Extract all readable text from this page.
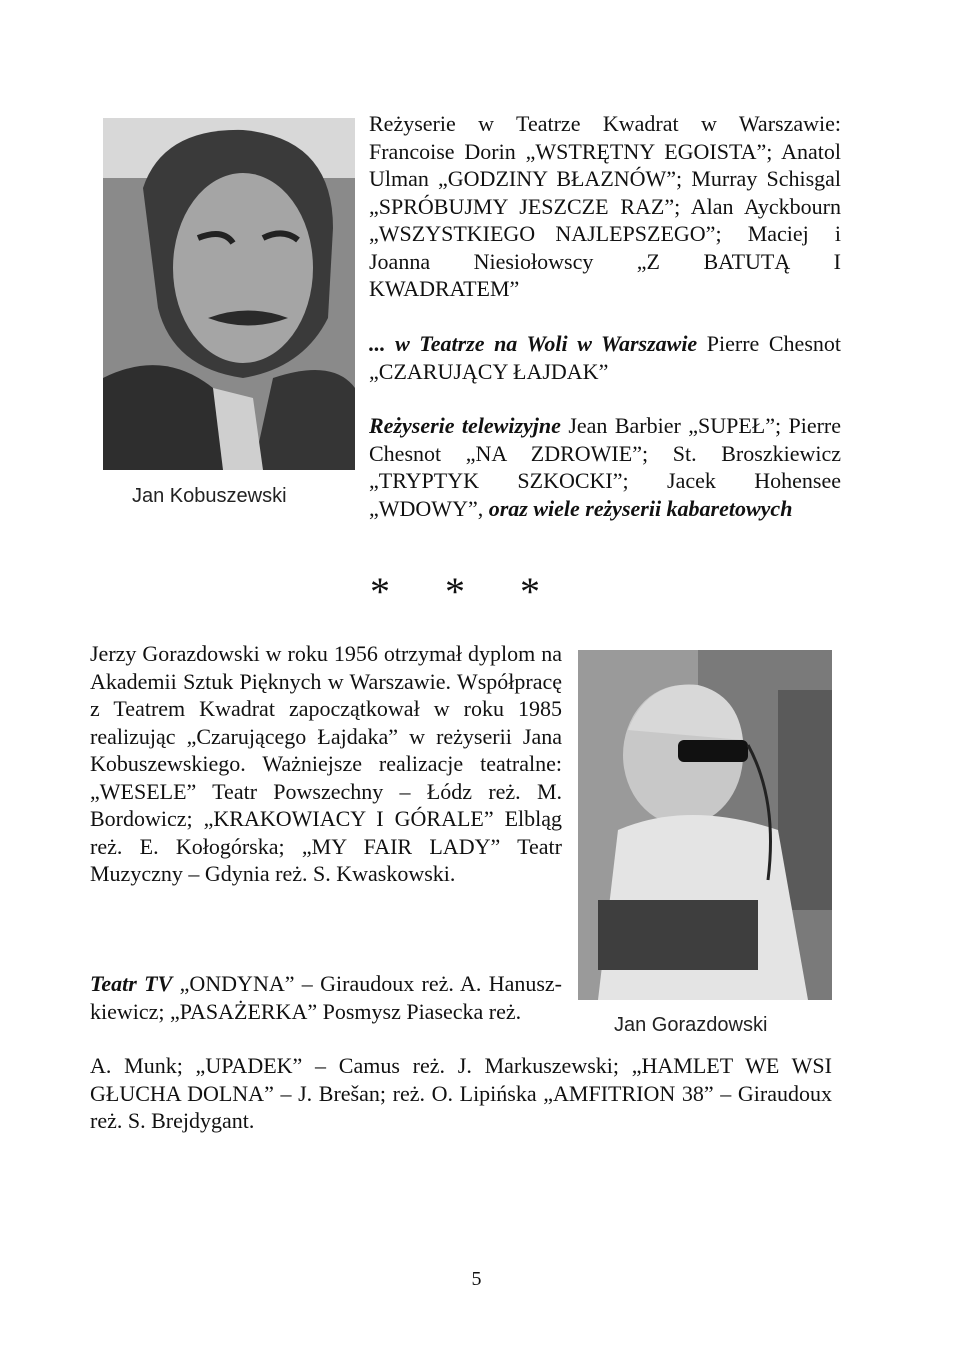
Jan Kobuszewski
Reżyserie w Teatrze Kwadrat w Warszawie: Francoise Dorin „WSTRĘTNY EGOISTA”; Anatol Ulman „GODZINY BŁAZNÓW”; Murray Schisgal „SPRÓBUJMY JESZCZE RAZ”; Alan Ayckbourn „WSZYSTKIEGO NAJLEPSZEGO”; Maciej i Joanna Niesiołowscy „Z BATUTĄ I KWADRATEM”
... w Teatrze na Woli w Warszawie Pierre Chesnot „CZARUJĄCY ŁAJDAK”
Reżyserie telewizyjne Jean Barbier „SUPEŁ”; Pierre Chesnot „NA ZDROWIE”; St. Broszkiewicz „TRYPTYK SZKOCKI”; Jacek Hohensee „WDOWY”, oraz wiele reżyserii kabaretowych
* * *
Jan Gorazdowski
Jerzy Gorazdowski w roku 1956 otrzymał dyplom na Akademii Sztuk Pięknych w Warszawie. Współpracę z Teatrem Kwadrat zapoczątkował w roku 1985 realizując „Czarującego Łajdaka” w reżyserii Jana Kobuszewskiego. Ważniejsze realizacje teatralne: „WESELE” Teatr Powszechny – Łódz reż. M. Bordowicz; „KRAKOWIACY I GÓRALE” Elbląg reż. E. Kołogórska; „MY FAIR LADY” Teatr Muzyczny – Gdynia reż. S. Kwaskowski.
Teatr TV „ONDYNA” – Giraudoux reż. A. Hanusz- kiewicz; „PASAŻERKA” Posmysz Piasecka reż.
A. Munk; „UPADEK” – Camus reż. J. Markuszewski; „HAMLET WE WSI GŁUCHA DOLNA” – J. Brešan; reż. O. Lipińska „AMFITRION 38” – Giraudoux reż. S. Brejdygant.
5
